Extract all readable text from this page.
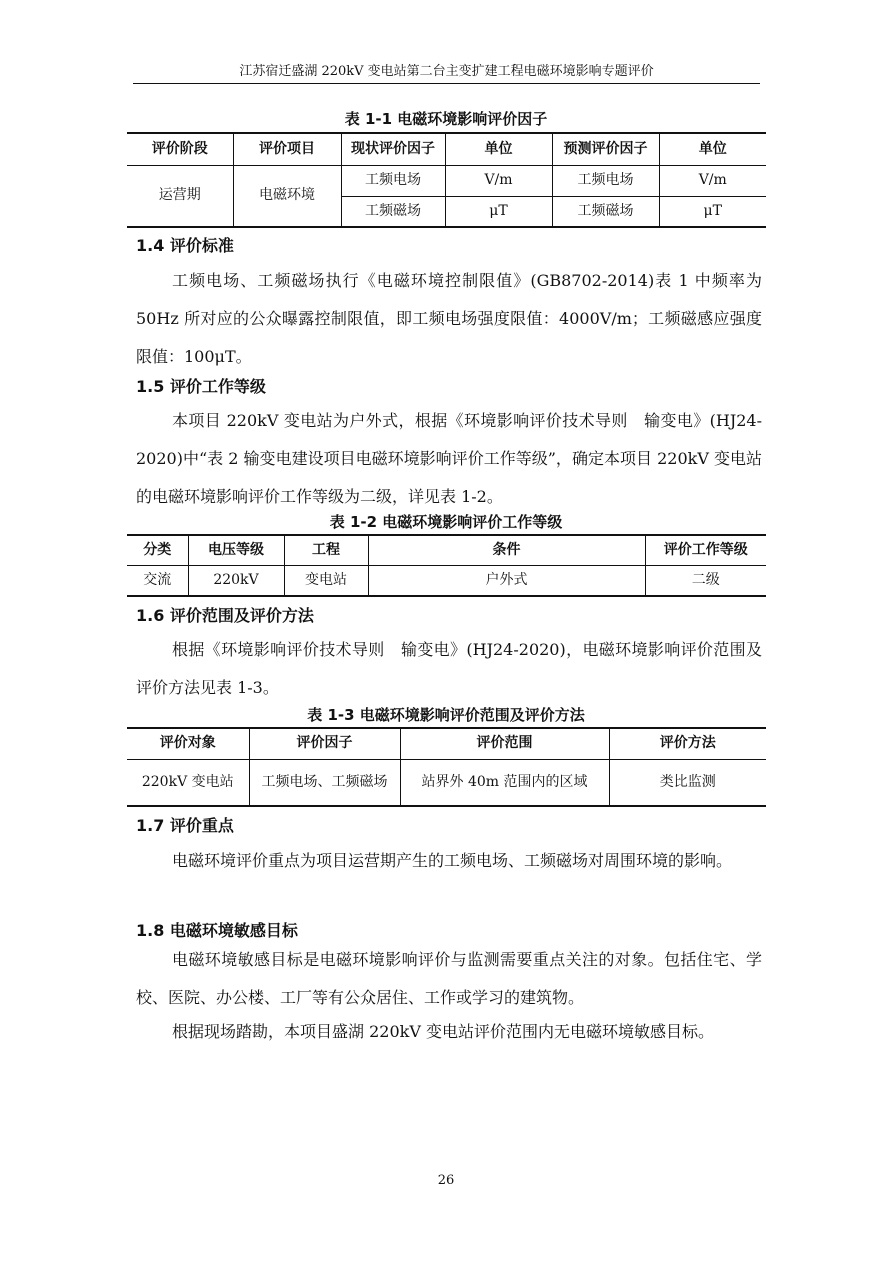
江苏宿迁盛湖 220kV 变电站第二台主变扩建工程电磁环境影响专题评价
表 1-1 电磁环境影响评价因子
评价阶段	评价项目	现状评价因子	单位	预测评价因子	单位
运营期	电磁环境	工频电场	V/m	工频电场	V/m
		工频磁场	μT	工频磁场	μT
1.4 评价标准
工频电场、工频磁场执行《电磁环境控制限值》(GB8702-2014)表 1 中频率为 50Hz 所对应的公众曝露控制限值，即工频电场强度限值：4000V/m；工频磁感应强度限值：100μT。
1.5 评价工作等级
本项目 220kV 变电站为户外式，根据《环境影响评价技术导则　输变电》(HJ24-2020)中“表 2 输变电建设项目电磁环境影响评价工作等级”，确定本项目 220kV 变电站的电磁环境影响评价工作等级为二级，详见表 1-2。
表 1-2 电磁环境影响评价工作等级
分类	电压等级	工程	条件	评价工作等级
交流	220kV	变电站	户外式	二级
1.6 评价范围及评价方法
根据《环境影响评价技术导则　输变电》(HJ24-2020)，电磁环境影响评价范围及评价方法见表 1-3。
表 1-3 电磁环境影响评价范围及评价方法
评价对象	评价因子	评价范围	评价方法
220kV 变电站	工频电场、工频磁场	站界外 40m 范围内的区域	类比监测
1.7 评价重点
电磁环境评价重点为项目运营期产生的工频电场、工频磁场对周围环境的影响。
1.8 电磁环境敏感目标
电磁环境敏感目标是电磁环境影响评价与监测需要重点关注的对象。包括住宅、学校、医院、办公楼、工厂等有公众居住、工作或学习的建筑物。
根据现场踏勘，本项目盛湖 220kV 变电站评价范围内无电磁环境敏感目标。
26
